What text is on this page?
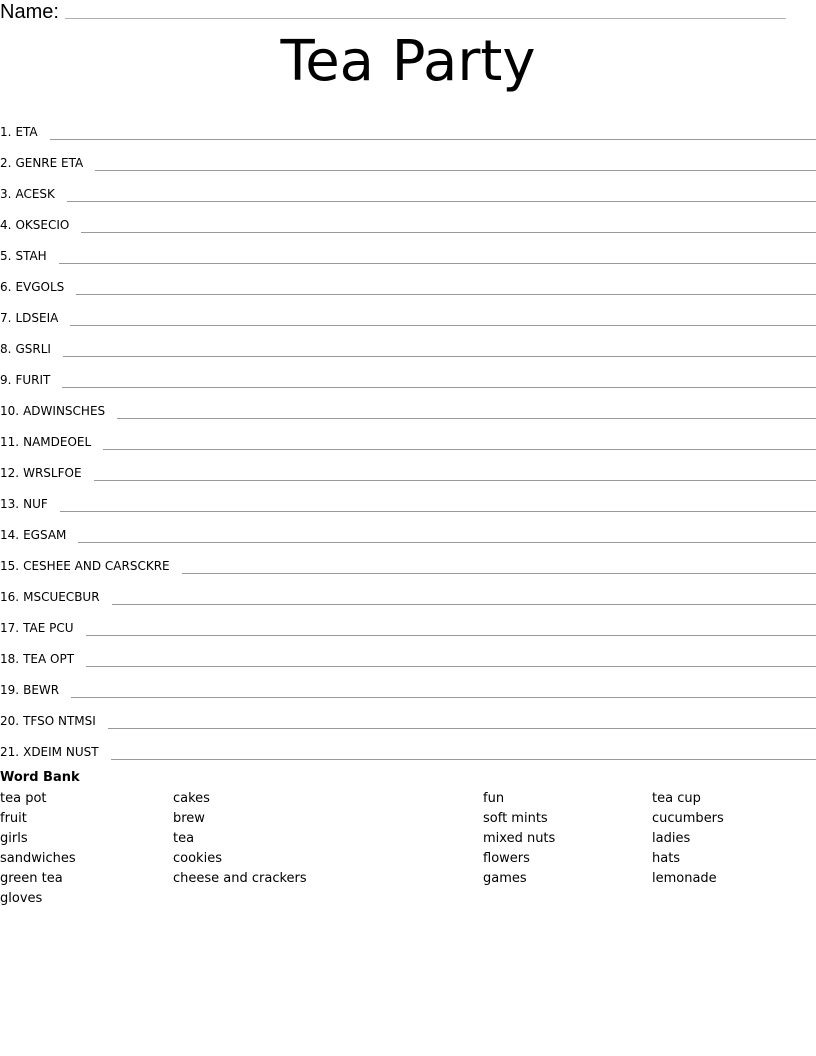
Name:
Tea Party
1. ETA
2. GENRE ETA
3. ACESK
4. OKSECIO
5. STAH
6. EVGOLS
7. LDSEIA
8. GSRLI
9. FURIT
10. ADWINSCHES
11. NAMDEOEL
12. WRSLFOE
13. NUF
14. EGSAM
15. CESHEE AND CARSCKRE
16. MSCUECBUR
17. TAE PCU
18. TEA OPT
19. BEWR
20. TFSO NTMSI
21. XDEIM NUST
Word Bank
tea pot
fruit
girls
sandwiches
green tea
gloves
cakes
brew
tea
cookies
cheese and crackers
fun
soft mints
mixed nuts
flowers
games
tea cup
cucumbers
ladies
hats
lemonade
